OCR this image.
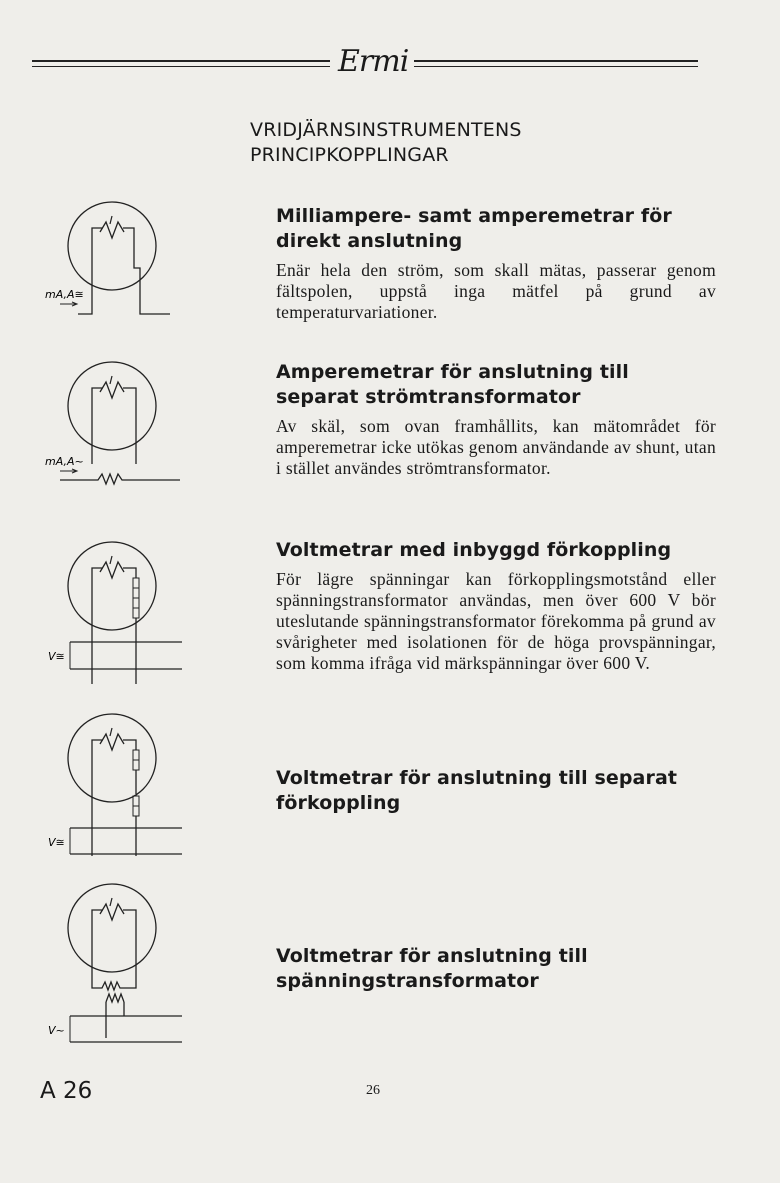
Ermi
VRIDJÄRNSINSTRUMENTENS
PRINCIPKOPPLINGAR

Milliampere- samt amperemetrar för direkt anslutning

Enär hela den ström, som skall mätas, passerar genom fältspolen, uppstå inga mätfel på grund av temperaturvariationer.

Amperemetrar för anslutning till separat strömtransformator

Av skäl, som ovan framhållits, kan mätområdet för amperemetrar icke utökas genom användande av shunt, utan i stället användes strömtransformator.

Voltmetrar med inbyggd förkoppling

För lägre spänningar kan förkopplingsmotstånd eller spänningstransformator användas, men över 600 V bör uteslutande spänningstransformator förekomma på grund av svårigheter med isolationen för de höga provspänningar, som komma ifråga vid märkspänningar över 600 V.

Voltmetrar för anslutning till separat förkoppling

Voltmetrar för anslutning till spänningstransformator

mA,A≅
mA,A~
V≅
V≅
V~
A 26	26
